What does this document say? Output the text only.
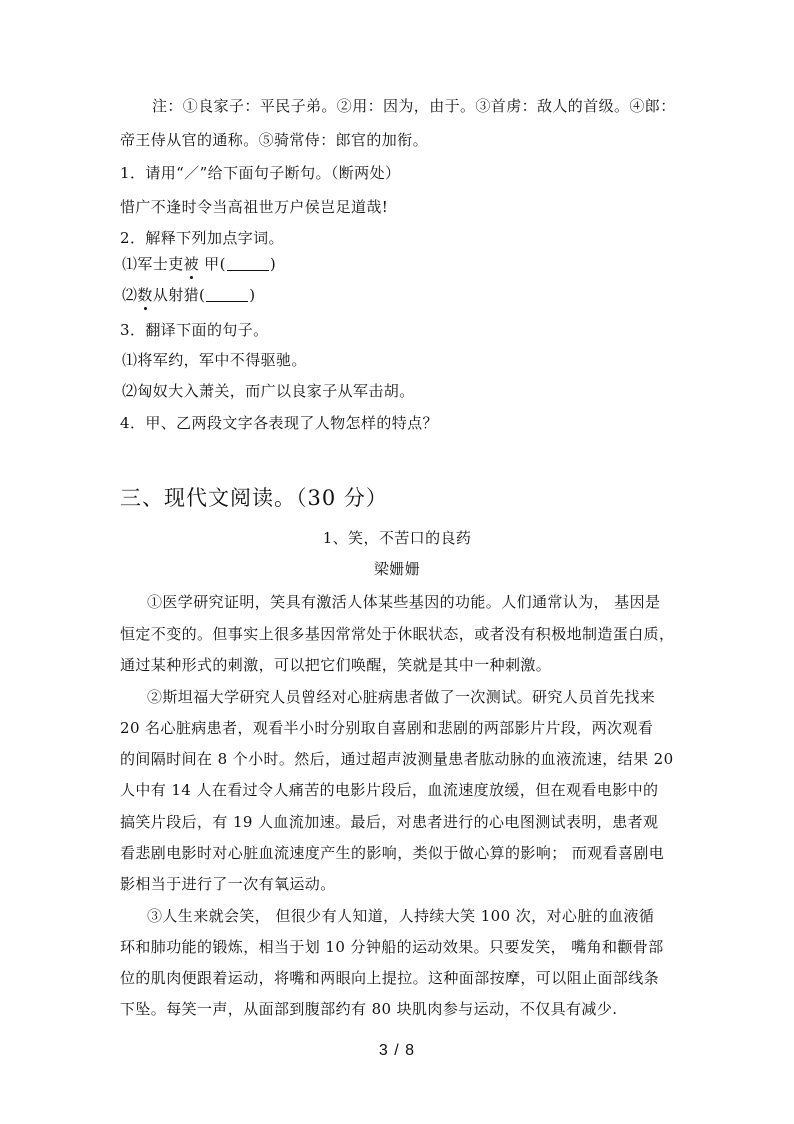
注：①良家子：平民子弟。②用：因为，由于。③首虏：敌人的首级。④郎：
帝王侍从官的通称。⑤骑常侍：郎官的加衔。
1．请用“／”给下面句子断句。（断两处）
惜广不逢时令当高祖世万户侯岂足道哉!
2．解释下列加点字词。
⑴军士吏被 甲(	)
⑵数从射猎(	)
3．翻译下面的句子。
⑴将军约，军中不得驱驰。
⑵匈奴大入萧关，而广以良家子从军击胡。
4．甲、乙两段文字各表现了人物怎样的特点？
三、现代文阅读。（30 分）
1、笑，不苦口的良药
梁姗姗
①医学研究证明，笑具有激活人体某些基因的功能。人们通常认为， 基因是
恒定不变的。但事实上很多基因常常处于休眠状态，或者没有积极地制造蛋白质，
通过某种形式的刺激，可以把它们唤醒，笑就是其中一种刺激。
②斯坦福大学研究人员曾经对心脏病患者做了一次测试。研究人员首先找来
20 名心脏病患者，观看半小时分别取自喜剧和悲剧的两部影片片段，两次观看
的间隔时间在 8 个小时。然后，通过超声波测量患者肱动脉的血液流速，结果 20
人中有 14 人在看过令人痛苦的电影片段后，血流速度放缓，但在观看电影中的
搞笑片段后，有 19 人血流加速。最后，对患者进行的心电图测试表明，患者观
看悲剧电影时对心脏血流速度产生的影响，类似于做心算的影响； 而观看喜剧电
影相当于进行了一次有氧运动。
③人生来就会笑， 但很少有人知道，人持续大笑 100 次，对心脏的血液循
环和肺功能的锻炼，相当于划 10 分钟船的运动效果。只要发笑， 嘴角和颧骨部
位的肌肉便跟着运动，将嘴和两眼向上提拉。这种面部按摩，可以阻止面部线条
下坠。每笑一声，从面部到腹部约有 80 块肌肉参与运动，不仅具有减少.
3 / 8
